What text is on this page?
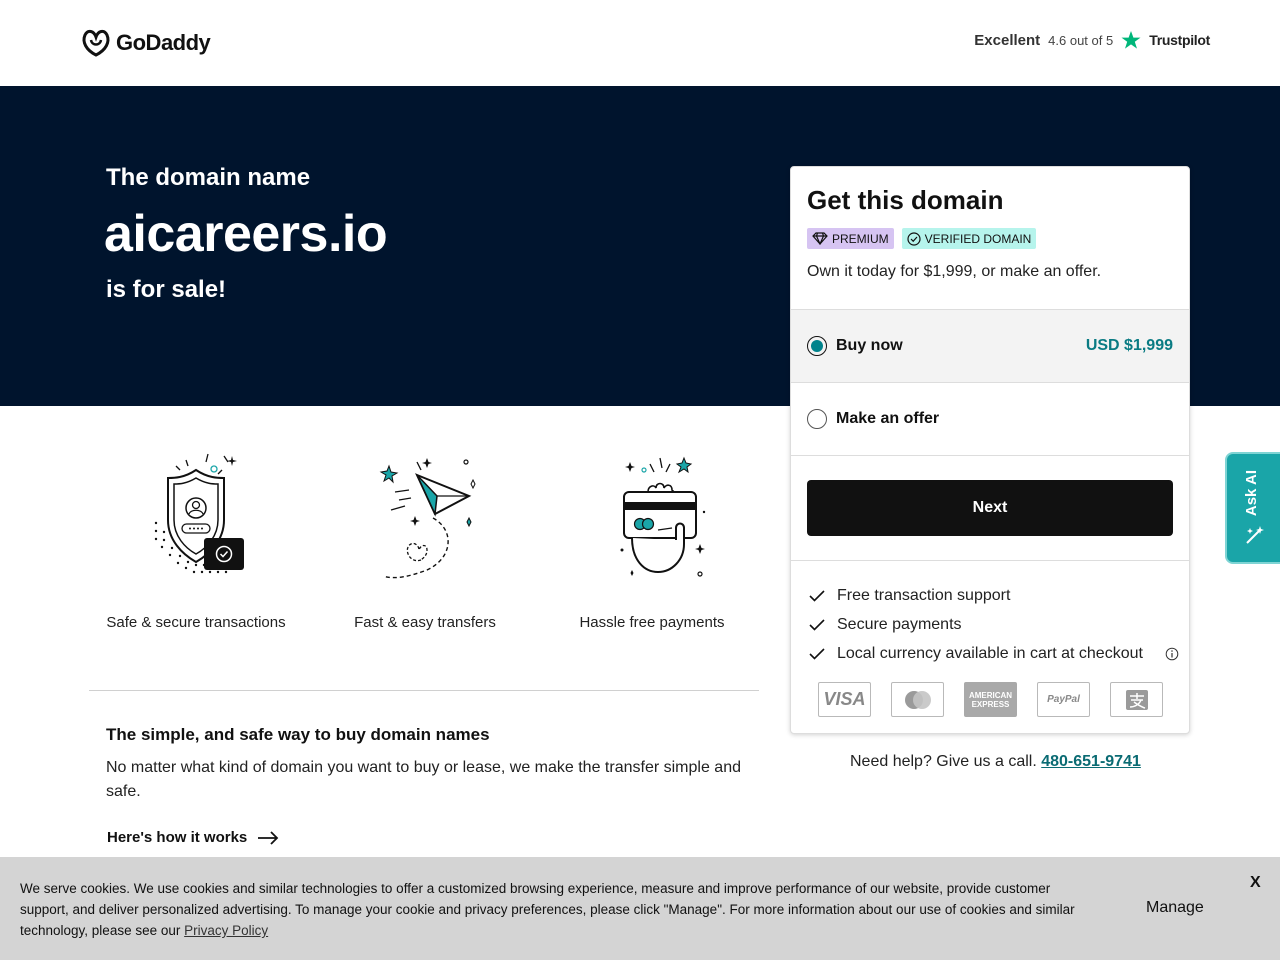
GoDaddy	Excellent 4.6 out of 5	Trustpilot
The domain name
aicareers.io
is for sale!
Safe & secure transactions	Fast & easy transfers	Hassle free payments
The simple, and safe way to buy domain names
No matter what kind of domain you want to buy or lease, we make the transfer simple and safe.
Here's how it works
Get this domain
PREMIUM	VERIFIED DOMAIN
Own it today for $1,999, or make an offer.
Buy now	USD $1,999
Make an offer
Next
Free transaction support
Secure payments
Local currency available in cart at checkout
VISA	AMERICAN EXPRESS	PayPal
Need help? Give us a call. 480-651-9741
Ask AI
We serve cookies. We use cookies and similar technologies to offer a customized browsing experience, measure and improve performance of our website, provide customer support, and deliver personalized advertising. To manage your cookie and privacy preferences, please click "Manage". For more information about our use of cookies and similar technology, please see our Privacy Policy
Manage
X
